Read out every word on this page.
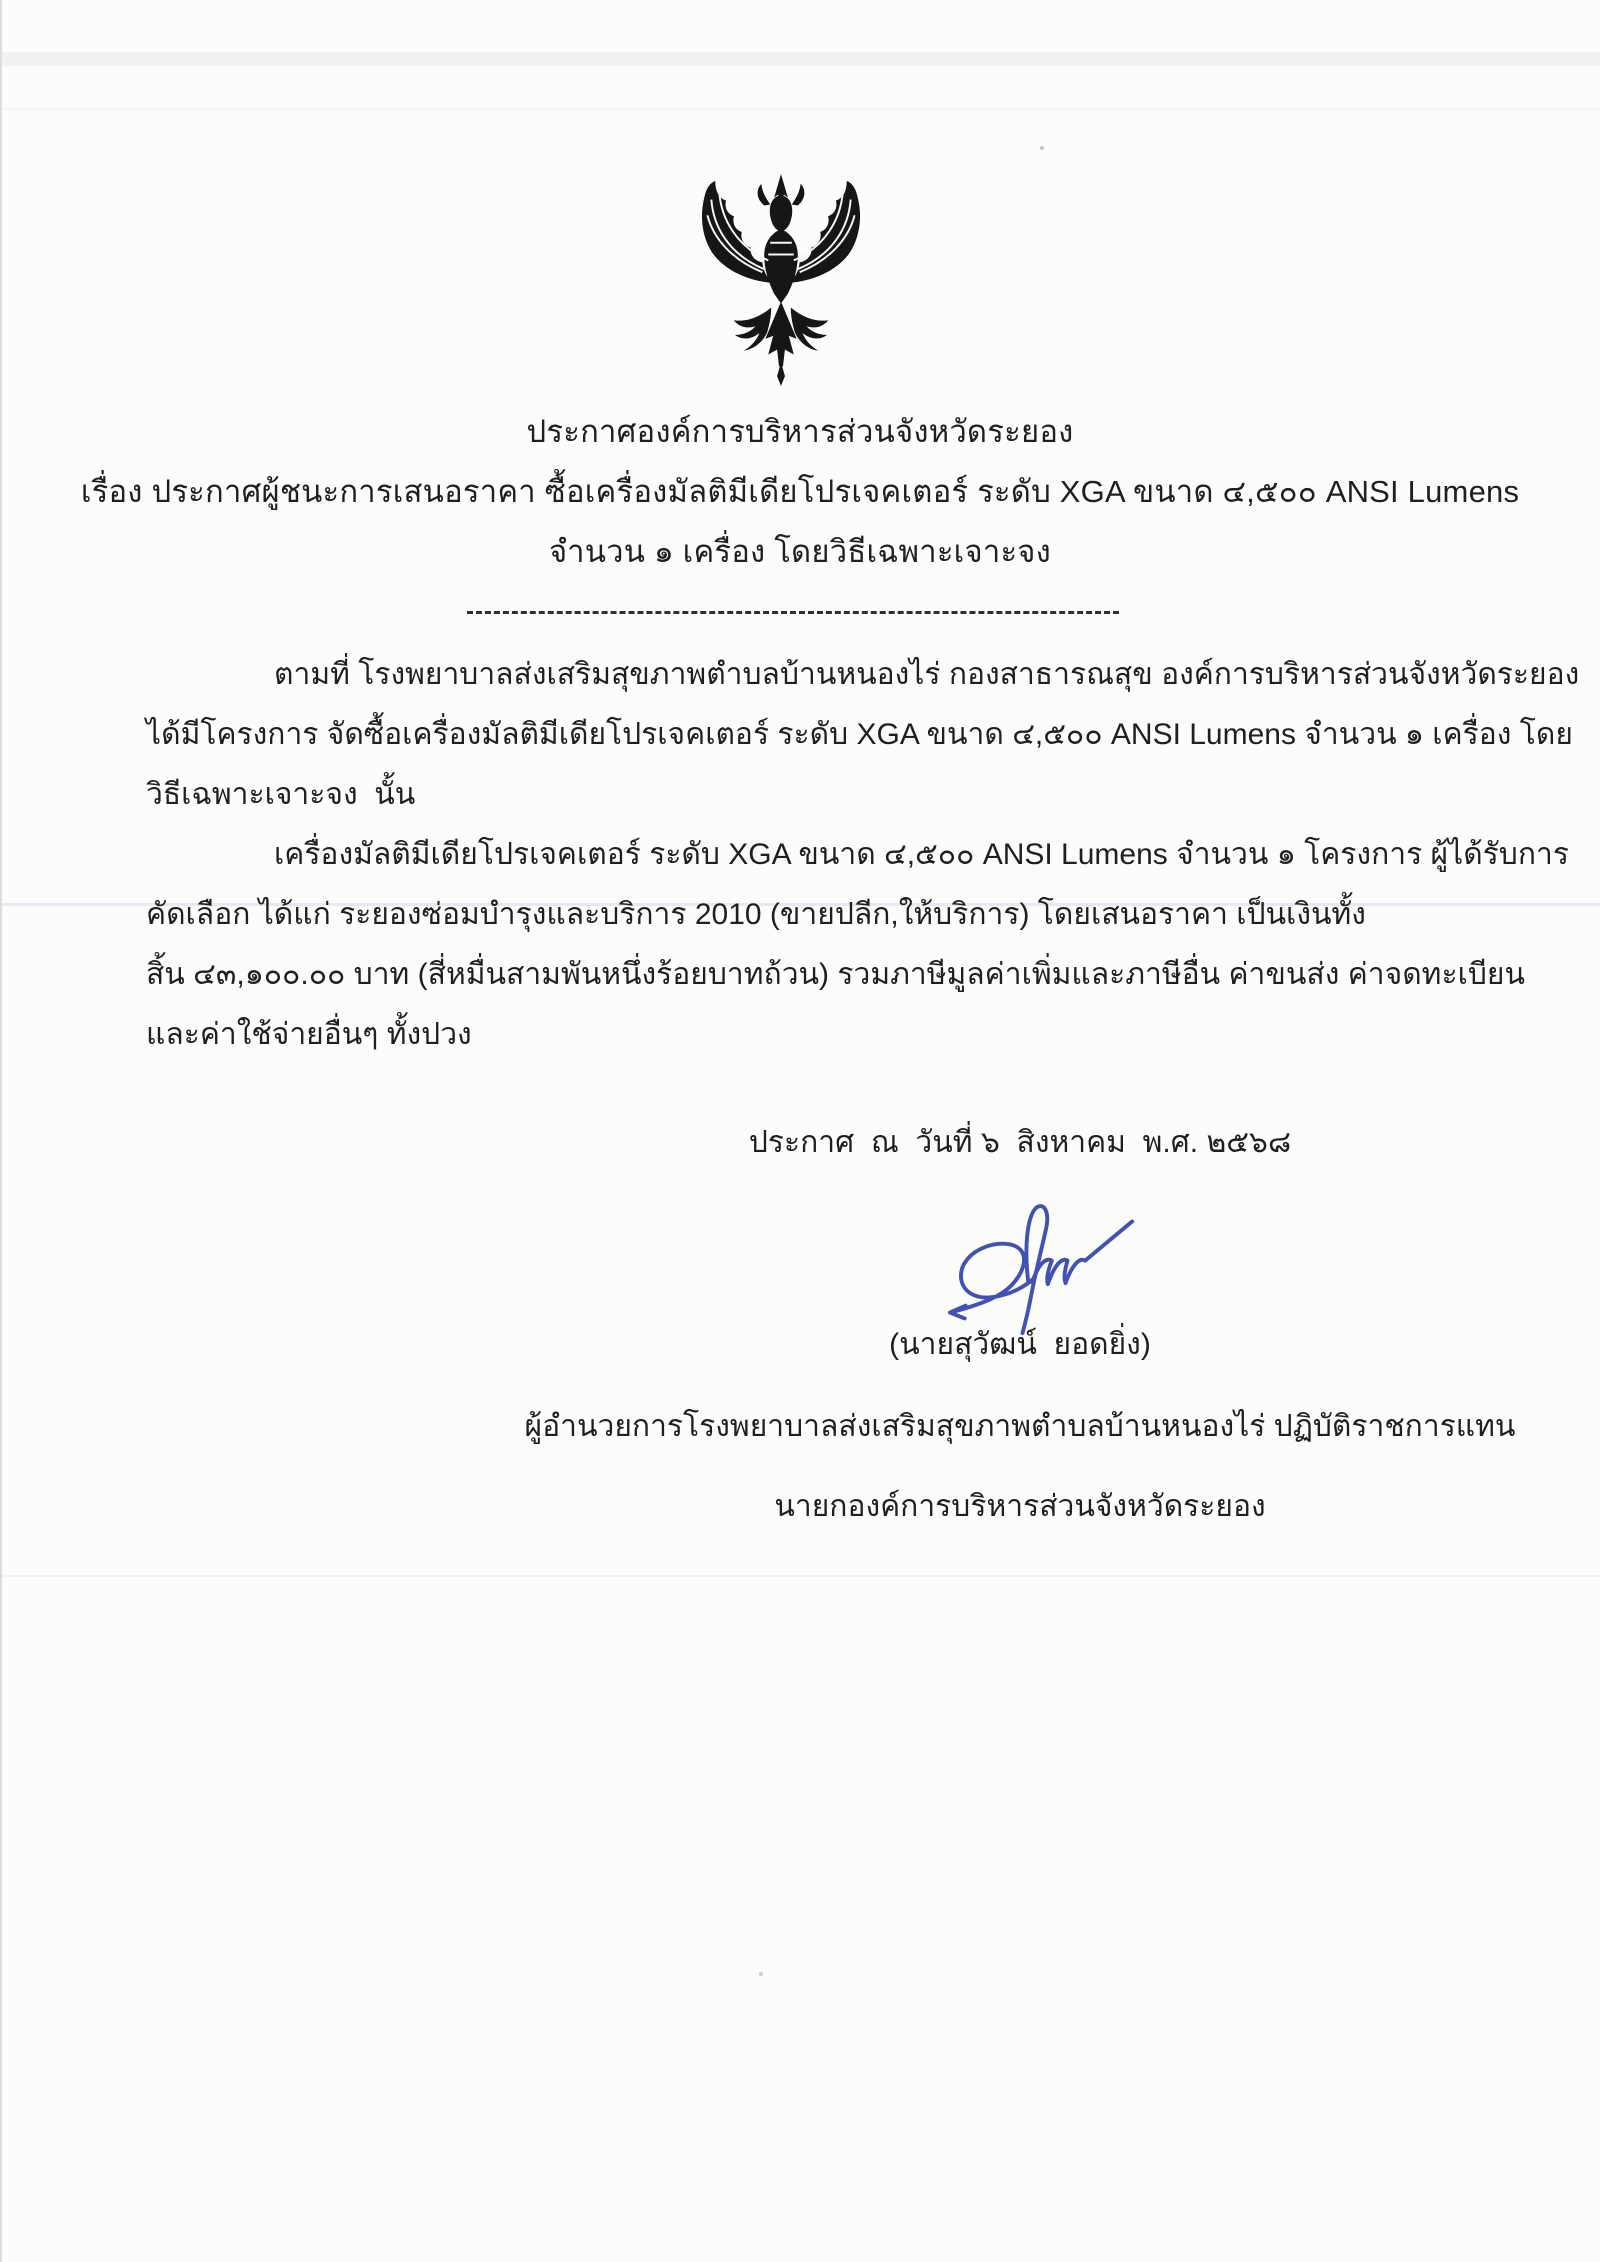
ประกาศองค์การบริหารส่วนจังหวัดระยอง
เรื่อง ประกาศผู้ชนะการเสนอราคา ซื้อเครื่องมัลติมีเดียโปรเจคเตอร์ ระดับ XGA ขนาด ๔,๕๐๐ ANSI Lumens
จำนวน ๑ เครื่อง โดยวิธีเฉพาะเจาะจง
ตามที่ โรงพยาบาลส่งเสริมสุขภาพตำบลบ้านหนองไร่ กองสาธารณสุข องค์การบริหารส่วนจังหวัดระยอง
ได้มีโครงการ จัดซื้อเครื่องมัลติมีเดียโปรเจคเตอร์ ระดับ XGA ขนาด ๔,๕๐๐ ANSI Lumens จำนวน ๑ เครื่อง โดย
วิธีเฉพาะเจาะจง  นั้น
เครื่องมัลติมีเดียโปรเจคเตอร์ ระดับ XGA ขนาด ๔,๕๐๐ ANSI Lumens จำนวน ๑ โครงการ ผู้ได้รับการ
คัดเลือก ได้แก่ ระยองซ่อมบำรุงและบริการ 2010 (ขายปลีก,ให้บริการ) โดยเสนอราคา เป็นเงินทั้ง
สิ้น ๔๓,๑๐๐.๐๐ บาท (สี่หมื่นสามพันหนึ่งร้อยบาทถ้วน) รวมภาษีมูลค่าเพิ่มและภาษีอื่น ค่าขนส่ง ค่าจดทะเบียน
และค่าใช้จ่ายอื่นๆ ทั้งปวง
ประกาศ  ณ  วันที่ ๖  สิงหาคม  พ.ศ. ๒๕๖๘
(นายสุวัฒน์  ยอดยิ่ง)
ผู้อำนวยการโรงพยาบาลส่งเสริมสุขภาพตำบลบ้านหนองไร่ ปฏิบัติราชการแทน
นายกองค์การบริหารส่วนจังหวัดระยอง
